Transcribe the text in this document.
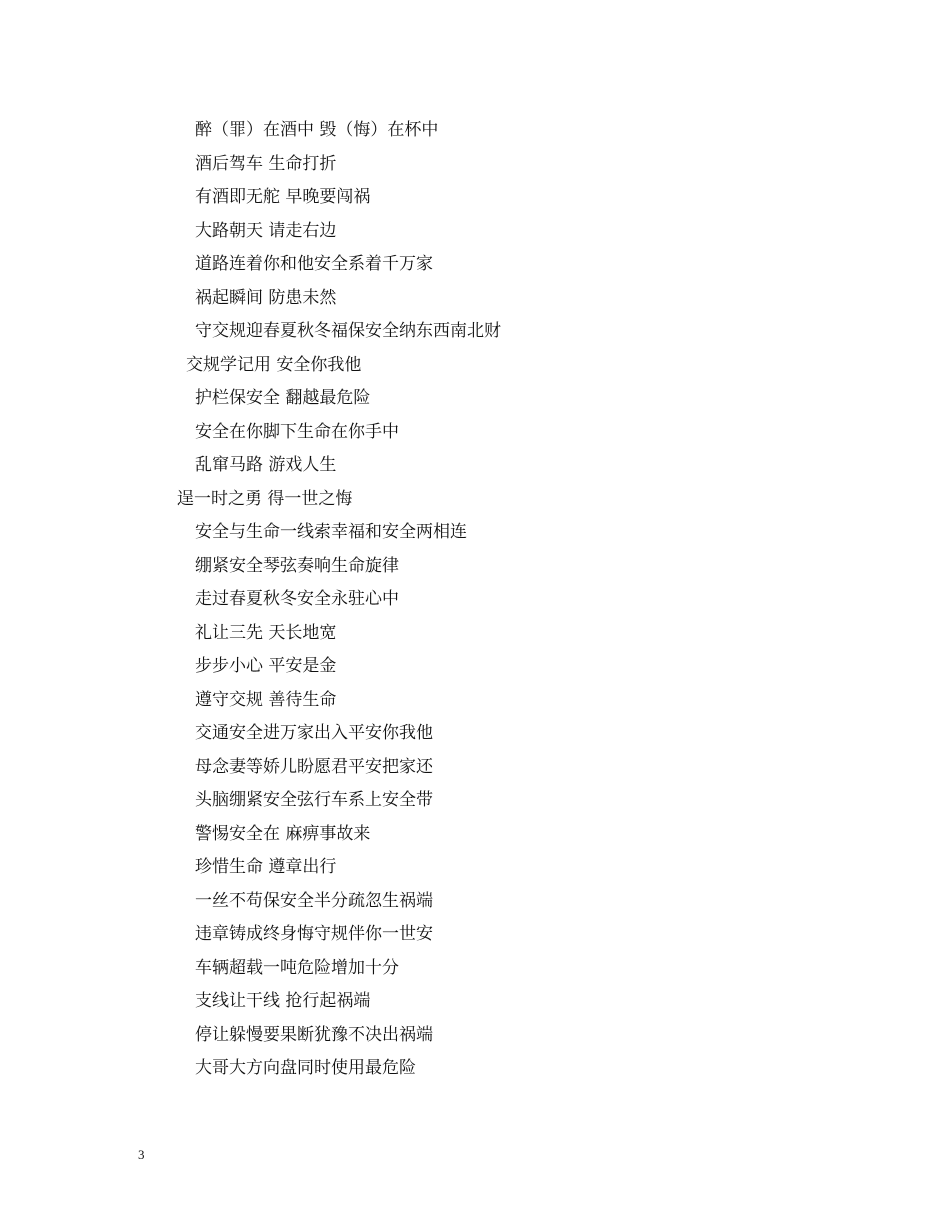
醉（罪）在酒中 毁（悔）在杯中
酒后驾车 生命打折
有酒即无舵 早晚要闯祸
大路朝天 请走右边
道路连着你和他安全系着千万家
祸起瞬间 防患未然
守交规迎春夏秋冬福保安全纳东西南北财
交规学记用 安全你我他
护栏保安全 翻越最危险
安全在你脚下生命在你手中
乱窜马路 游戏人生
逞一时之勇 得一世之悔
安全与生命一线索幸福和安全两相连
绷紧安全琴弦奏响生命旋律
走过春夏秋冬安全永驻心中
礼让三先 天长地宽
步步小心 平安是金
遵守交规 善待生命
交通安全进万家出入平安你我他
母念妻等娇儿盼愿君平安把家还
头脑绷紧安全弦行车系上安全带
警惕安全在 麻痹事故来
珍惜生命 遵章出行
一丝不苟保安全半分疏忽生祸端
违章铸成终身悔守规伴你一世安
车辆超载一吨危险增加十分
支线让干线 抢行起祸端
停让躲慢要果断犹豫不决出祸端
大哥大方向盘同时使用最危险
3
